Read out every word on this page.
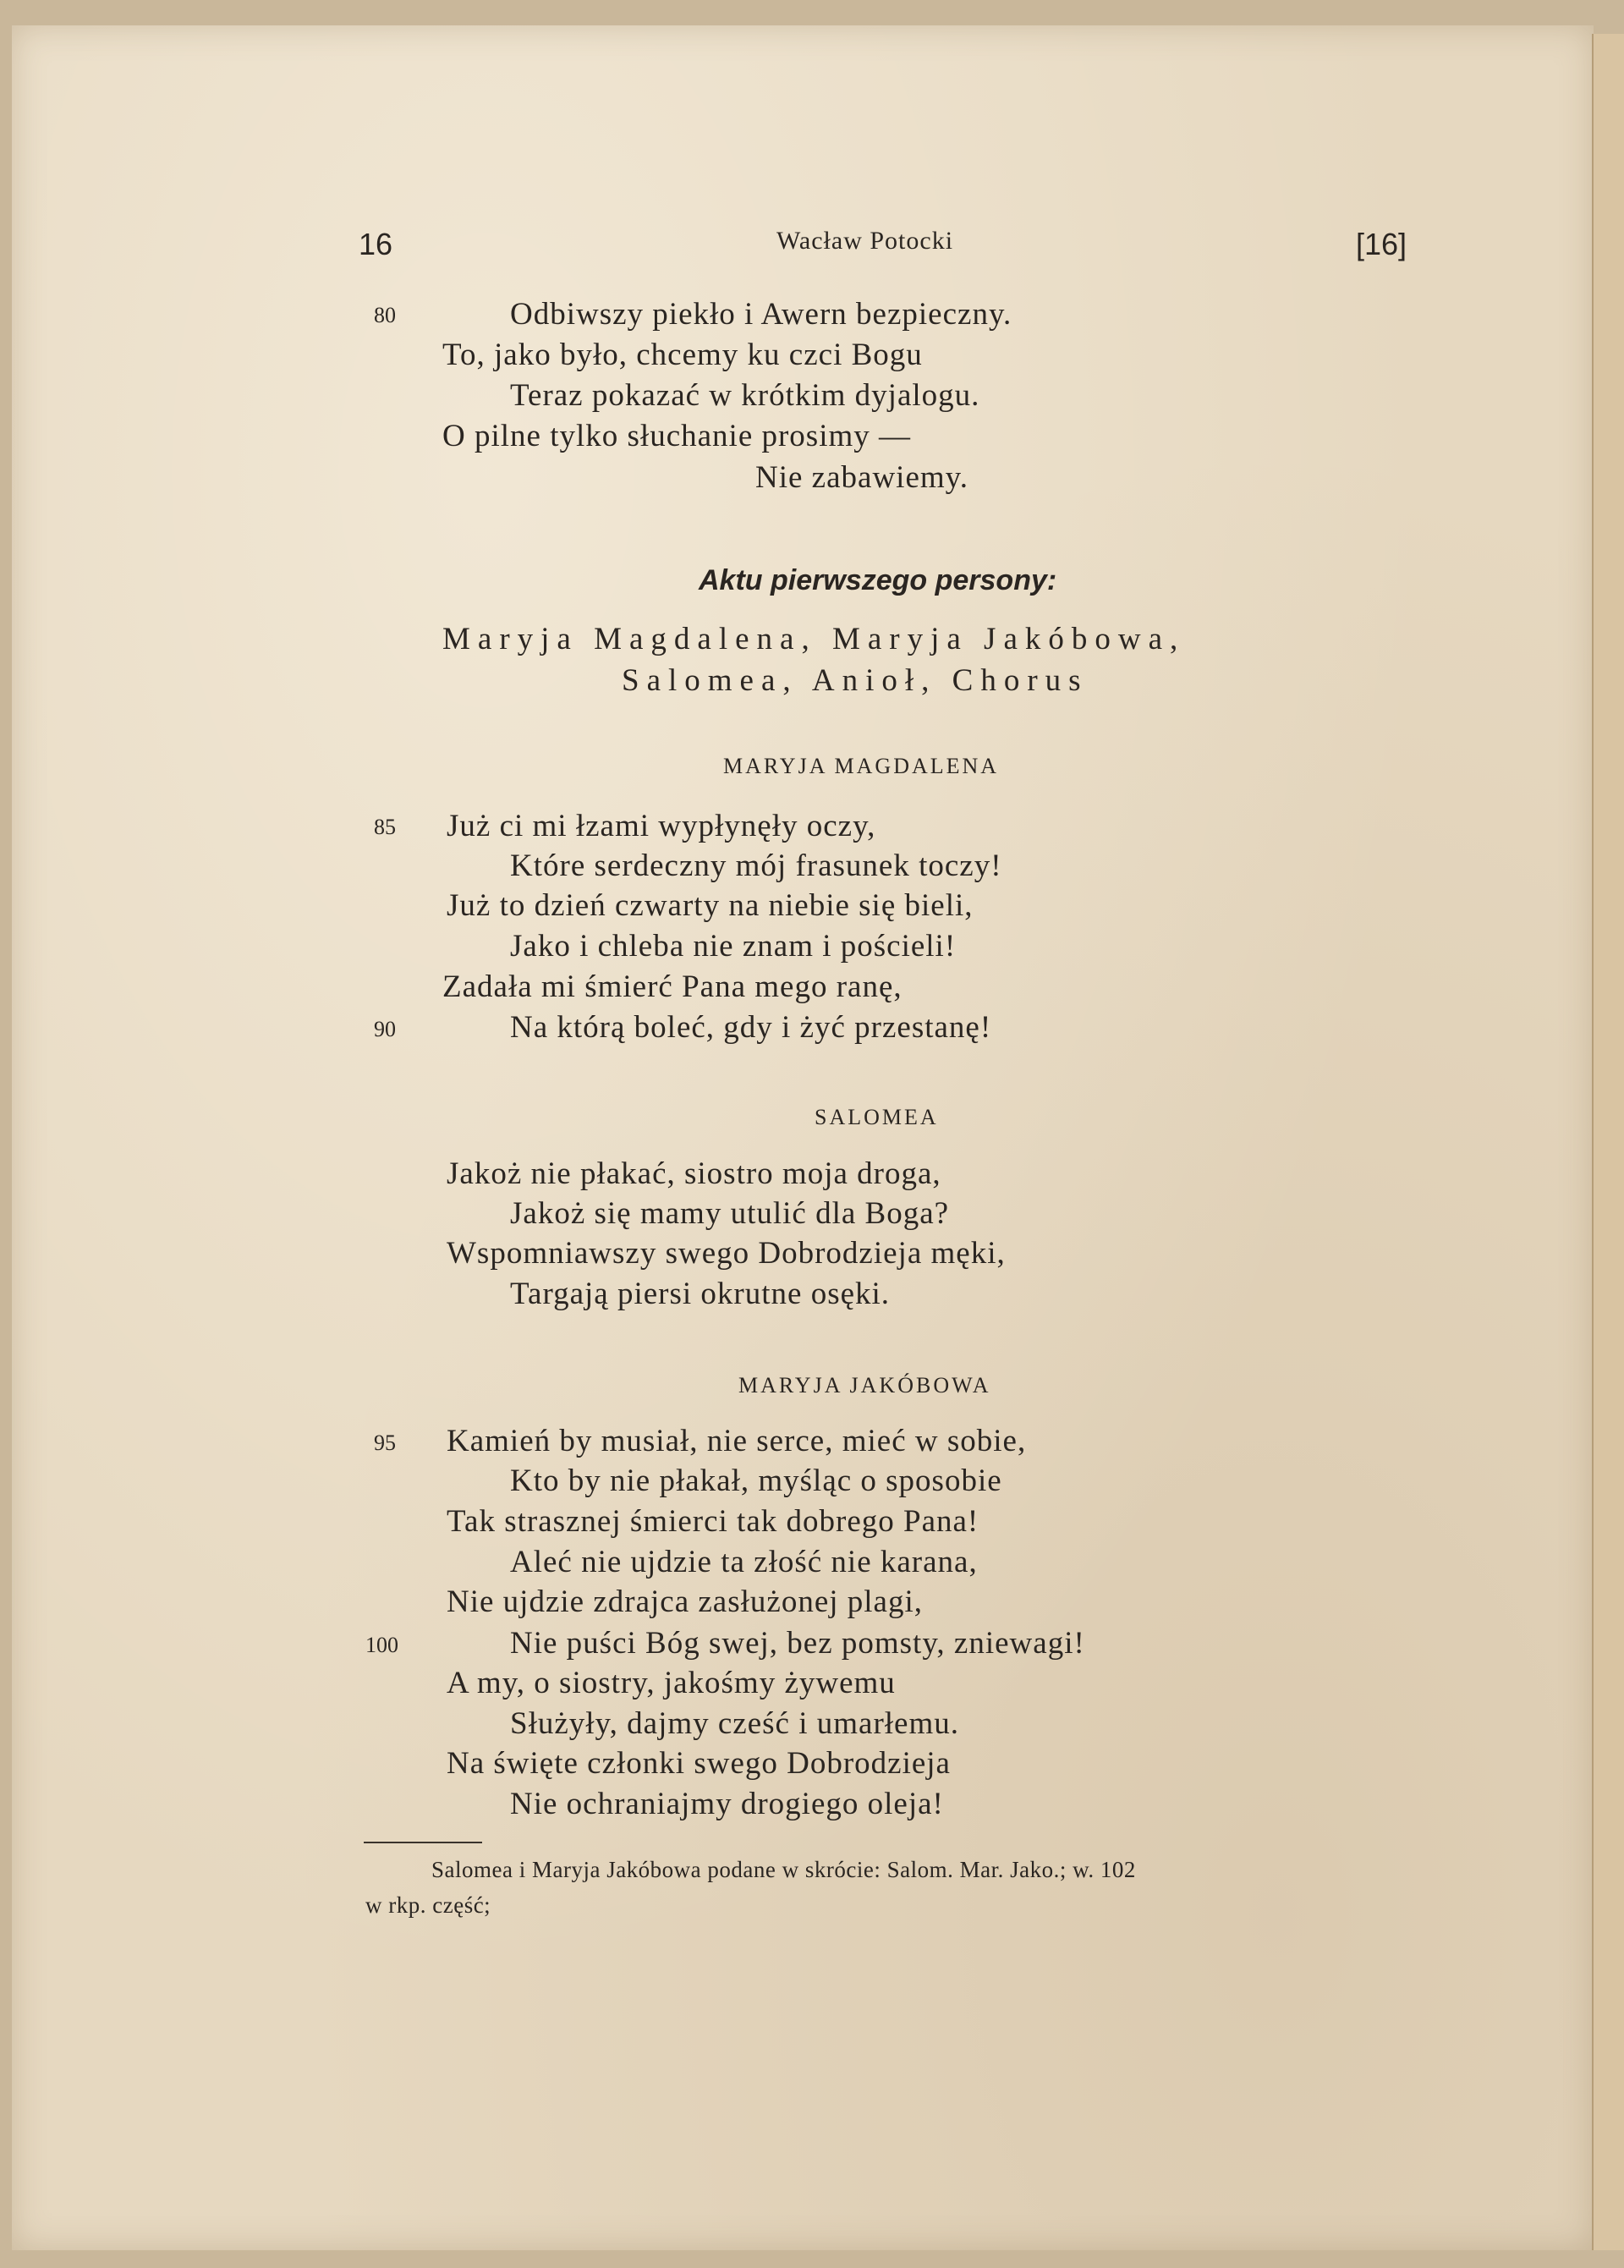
16	Wacław Potocki	[16]
80	Odbiwszy piekło i Awern bezpieczny.
To, jako było, chcemy ku czci Bogu
Teraz pokazać w krótkim dyjalogu.
O pilne tylko słuchanie prosimy —
Nie zabawiemy.
Aktu pierwszego persony:
Maryja Magdalena, Maryja Jakóbowa,
Salomea, Anioł, Chorus
MARYJA MAGDALENA
85 Już ci mi łzami wypłynęły oczy,
Które serdeczny mój frasunek toczy!
Już to dzień czwarty na niebie się bieli,
Jako i chleba nie znam i pościeli!
Zadała mi śmierć Pana mego ranę,
90	Na którą boleć, gdy i żyć przestanę!
SALOMEA
Jakoż nie płakać, siostro moja droga,
Jakoż się mamy utulić dla Boga?
Wspomniawszy swego Dobrodzieja męki,
Targają piersi okrutne osęki.
MARYJA JAKÓBOWA
95 Kamień by musiał, nie serce, mieć w sobie,
Kto by nie płakał, myśląc o sposobie
Tak strasznej śmierci tak dobrego Pana!
Aleć nie ujdzie ta złość nie karana,
Nie ujdzie zdrajca zasłużonej plagi,
100	Nie puści Bóg swej, bez pomsty, zniewagi!
A my, o siostry, jakośmy żywemu
Służyły, dajmy cześć i umarłemu.
Na święte członki swego Dobrodzieja
Nie ochraniajmy drogiego oleja!
Salomea i Maryja Jakóbowa podane w skrócie: Salom. Mar. Jako.; w. 102
w rkp. część;
